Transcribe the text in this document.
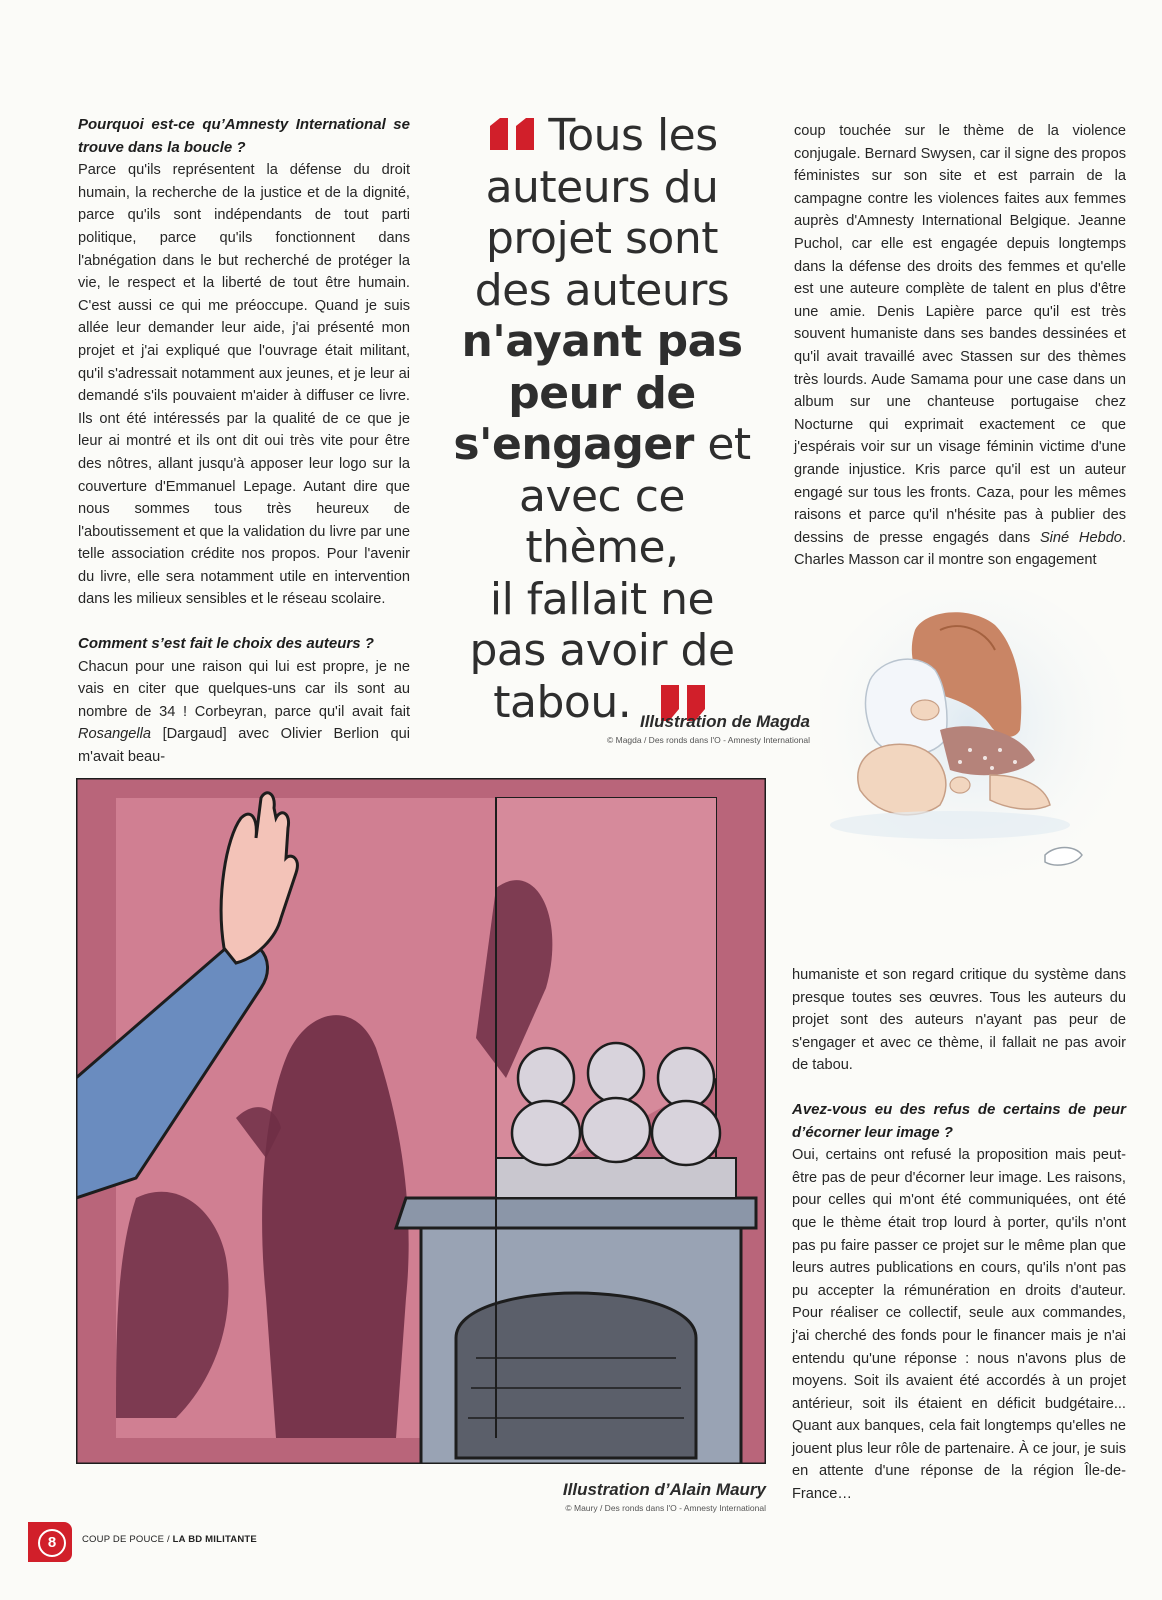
Pourquoi est-ce qu’Amnesty International se trouve dans la boucle ?

Parce qu'ils représentent la défense du droit humain, la recherche de la justice et de la dignité, parce qu'ils sont indépendants de tout parti politique, parce qu'ils fonctionnent dans l'abnégation dans le but recherché de protéger la vie, le respect et la liberté de tout être humain. C'est aussi ce qui me préoccupe. Quand je suis allée leur demander leur aide, j'ai présenté mon projet et j'ai expliqué que l'ouvrage était militant, qu'il s'adressait notamment aux jeunes, et je leur ai demandé s'ils pouvaient m'aider à diffuser ce livre. Ils ont été intéressés par la qualité de ce que je leur ai montré et ils ont dit oui très vite pour être des nôtres, allant jusqu'à apposer leur logo sur la couverture d'Emmanuel Lepage. Autant dire que nous sommes tous très heureux de l'aboutissement et que la validation du livre par une telle association crédite nos propos. Pour l'avenir du livre, elle sera notamment utile en intervention dans les milieux sensibles et le réseau scolaire.

Comment s’est fait le choix des auteurs ?

Chacun pour une raison qui lui est propre, je ne vais en citer que quelques-uns car ils sont au nombre de 34 ! Corbeyran, parce qu'il avait fait Rosangella [Dargaud] avec Olivier Berlion qui m'avait beau-

Tous les
auteurs du
projet sont
des auteurs
n'ayant pas
peur de
s'engager et
avec ce thème,
il fallait ne
pas avoir de
tabou.

coup touchée sur le thème de la violence conjugale. Bernard Swysen, car il signe des propos féministes sur son site et est parrain de la campagne contre les violences faites aux femmes auprès d'Amnesty International Belgique. Jeanne Puchol, car elle est engagée depuis longtemps dans la défense des droits des femmes et qu'elle est une auteure complète de talent en plus d'être une amie. Denis Lapière parce qu'il est très souvent humaniste dans ses bandes dessinées et qu'il avait travaillé avec Stassen sur des thèmes très lourds. Aude Samama pour une case dans un album sur une chanteuse portugaise chez Nocturne qui exprimait exactement ce que j'espérais voir sur un visage féminin victime d'une grande injustice. Kris parce qu'il est un auteur engagé sur tous les fronts. Caza, pour les mêmes raisons et parce qu'il n'hésite pas à publier des dessins de presse engagés dans Siné Hebdo. Charles Masson car il montre son engagement

Illustration de Magda
© Magda / Des ronds dans l'O - Amnesty International
Illustration d’Alain Maury
© Maury / Des ronds dans l'O - Amnesty International

humaniste et son regard critique du système dans presque toutes ses œuvres. Tous les auteurs du projet sont des auteurs n'ayant pas peur de s'engager et avec ce thème, il fallait ne pas avoir de tabou.

Avez-vous eu des refus de certains de peur d’écorner leur image ?

Oui, certains ont refusé la proposition mais peut-être pas de peur d'écorner leur image. Les raisons, pour celles qui m'ont été communiquées, ont été que le thème était trop lourd à porter, qu'ils n'ont pas pu faire passer ce projet sur le même plan que leurs autres publications en cours, qu'ils n'ont pas pu accepter la rémunération en droits d'auteur. Pour réaliser ce collectif, seule aux commandes, j'ai cherché des fonds pour le financer mais je n'ai entendu qu'une réponse : nous n'avons plus de moyens. Soit ils avaient été accordés à un projet antérieur, soit ils étaient en déficit budgétaire... Quant aux banques, cela fait longtemps qu'elles ne jouent plus leur rôle de partenaire. À ce jour, je suis en attente d'une réponse de la région Île-de-France…

8	COUP DE POUCE / LA BD MILITANTE
